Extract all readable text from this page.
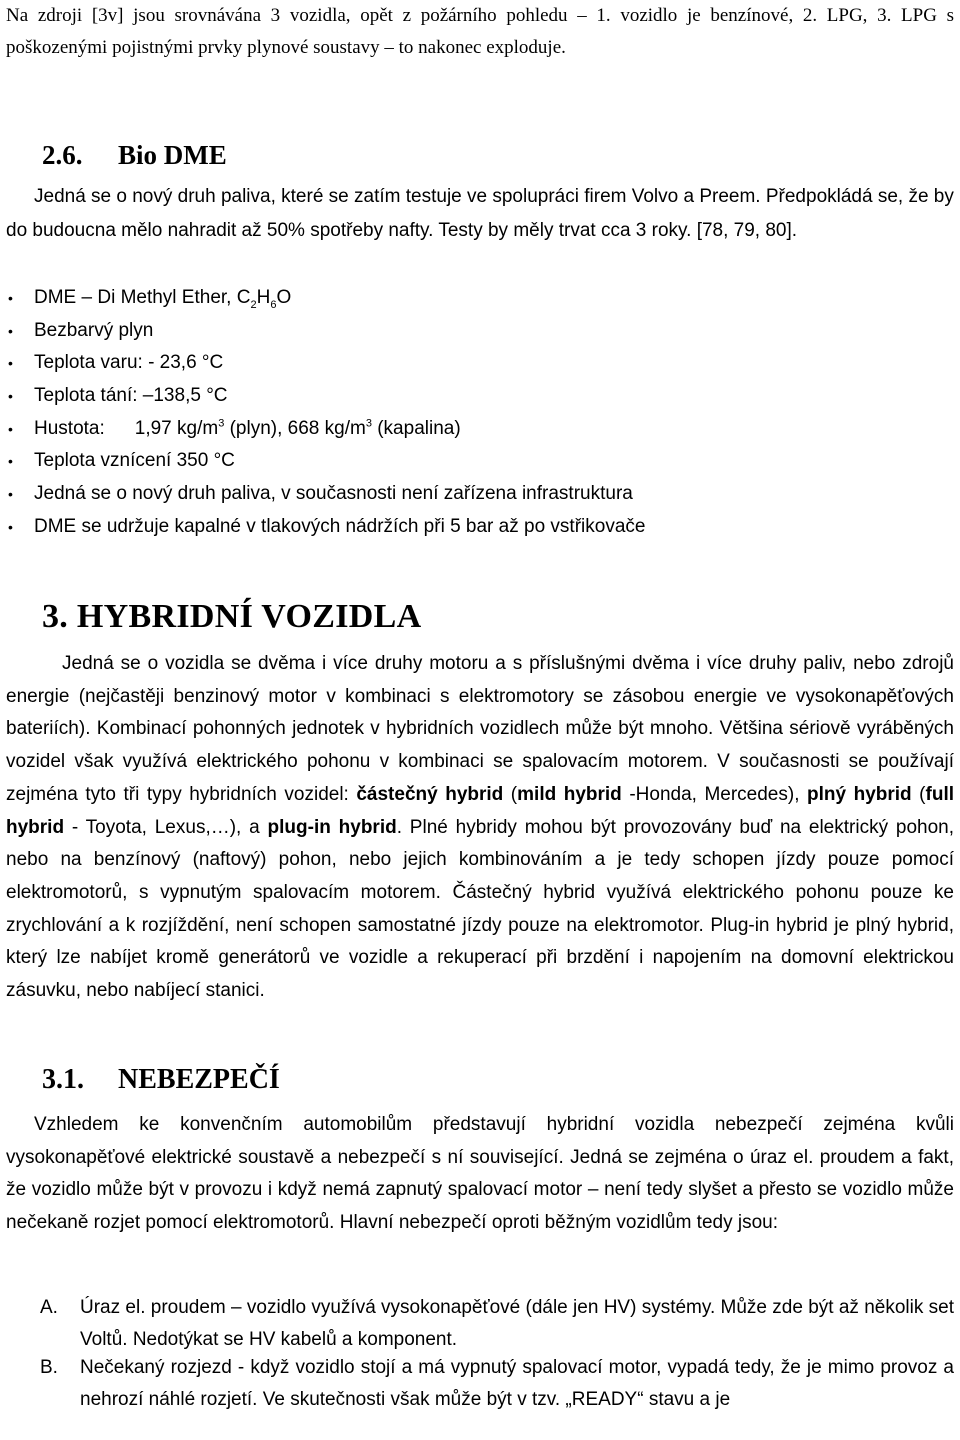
Na zdroji [3v] jsou srovnávána 3 vozidla, opět z požárního pohledu – 1. vozidlo je benzínové, 2. LPG, 3. LPG s poškozenými pojistnými prvky plynové soustavy – to nakonec exploduje.

2.6. Bio DME

Jedná se o nový druh paliva, které se zatím testuje ve spolupráci firem Volvo a Preem. Předpokládá se, že by do budoucna mělo nahradit až 50% spotřeby nafty. Testy by měly trvat cca 3 roky. [78, 79, 80].

• DME – Di Methyl Ether, $C_2H_6O$
• Bezbarvý plyn
• Teplota varu: - 23,6 °C
• Teplota tání: –138,5 °C
• Hustota: 1,97 $kg/m^3$ (plyn), 668 $kg/m^3$ (kapalina)
• Teplota vznícení 350 °C
• Jedná se o nový druh paliva, v současnosti není zařízena infrastruktura
• DME se udržuje kapalné v tlakových nádržích při 5 bar až po vstřikovače
3. HYBRIDNÍ VOZIDLA

Jedná se o vozidla se dvěma i více druhy motoru a s příslušnými dvěma i více druhy paliv, nebo zdrojů energie (nejčastěji benzinový motor v kombinaci s elektromotory se zásobou energie ve vysokonapěťových bateriích). Kombinací pohonných jednotek v hybridních vozidlech může být mnoho. Většina sériově vyráběných vozidel však využívá elektrického pohonu v kombinaci se spalovacím motorem. V současnosti se používají zejména tyto tři typy hybridních vozidel: částečný hybrid (mild hybrid -Honda, Mercedes), plný hybrid (full hybrid - Toyota, Lexus,…), a plug-in hybrid. Plné hybridy mohou být provozovány buď na elektrický pohon, nebo na benzínový (naftový) pohon, nebo jejich kombinováním a je tedy schopen jízdy pouze pomocí elektromotorů, s vypnutým spalovacím motorem. Částečný hybrid využívá elektrického pohonu pouze ke zrychlování a k rozjíždění, není schopen samostatné jízdy pouze na elektromotor. Plug-in hybrid je plný hybrid, který lze nabíjet kromě generátorů ve vozidle a rekuperací při brzdění i napojením na domovní elektrickou zásuvku, nebo nabíjecí stanici.

3.1. NEBEZPEČÍ

Vzhledem ke konvenčním automobilům představují hybridní vozidla nebezpečí zejména kvůli vysokonapěťové elektrické soustavě a nebezpečí s ní související. Jedná se zejména o úraz el. proudem a fakt, že vozidlo může být v provozu i když nemá zapnutý spalovací motor – není tedy slyšet a přesto se vozidlo může nečekaně rozjet pomocí elektromotorů. Hlavní nebezpečí oproti běžným vozidlům tedy jsou:

A. Úraz el. proudem – vozidlo využívá vysokonapěťové (dále jen HV) systémy. Může zde být až několik set Voltů. Nedotýkat se HV kabelů a komponent.
B. Nečekaný rozjezd - když vozidlo stojí a má vypnutý spalovací motor, vypadá tedy, že je mimo provoz a nehrozí náhlé rozjetí. Ve skutečnosti však může být v tzv. „READY“ stavu a je
